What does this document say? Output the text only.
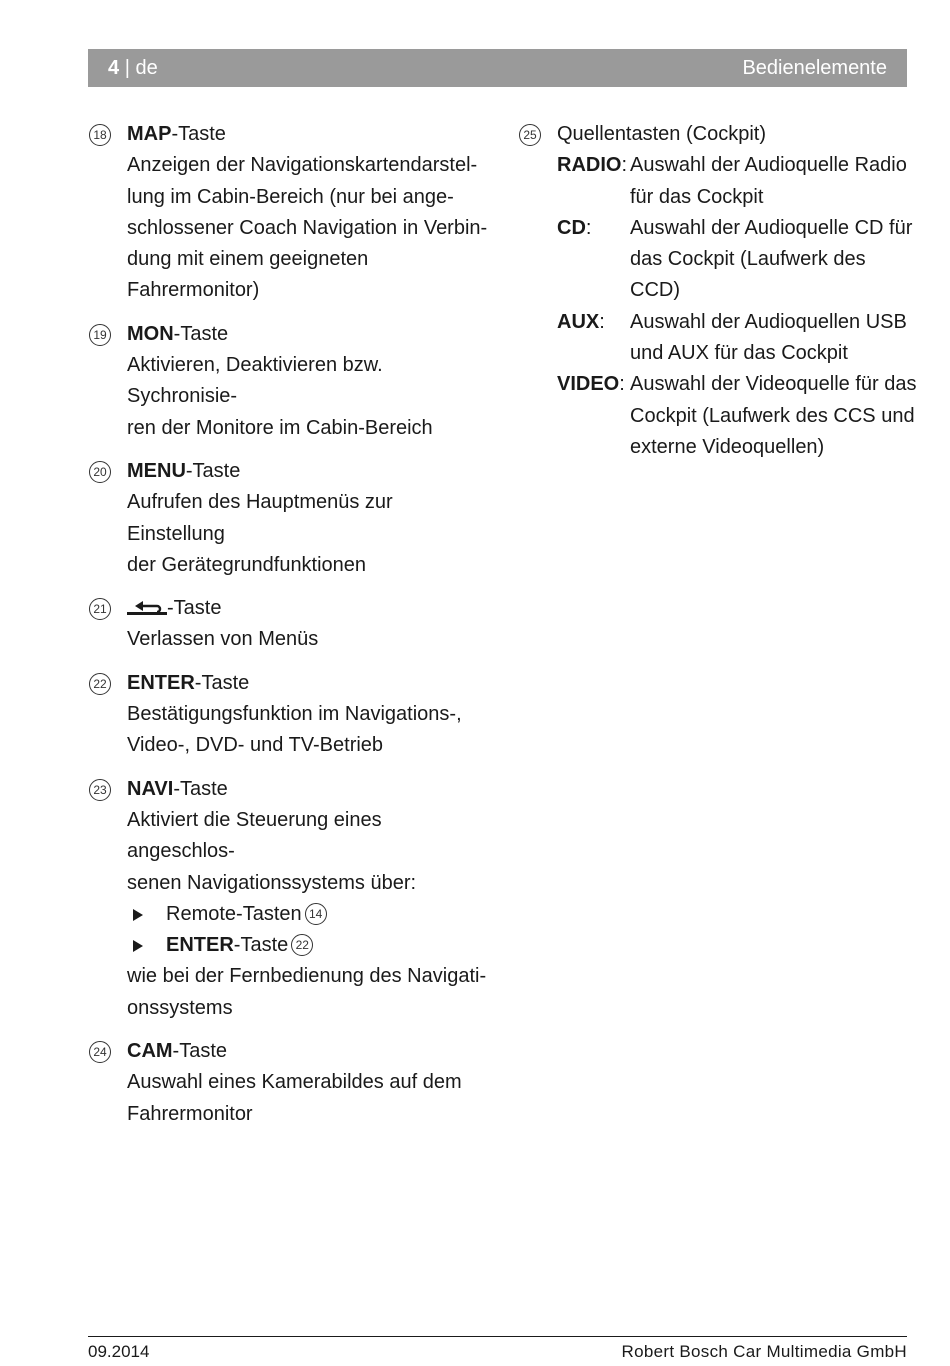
4 | de	Bedienelemente
18 MAP-Taste
Anzeigen der Navigationskartendarstel-
lung im Cabin-Bereich (nur bei ange-
schlossener Coach Navigation in Verbin-
dung mit einem geeigneten
Fahrermonitor)
19 MON-Taste
Aktivieren, Deaktivieren bzw. Sychronisie-
ren der Monitore im Cabin-Bereich
20 MENU-Taste
Aufrufen des Hauptmenüs zur Einstellung
der Gerätegrundfunktionen
21	-Taste
Verlassen von Menüs
22 ENTER-Taste
Bestätigungsfunktion im Navigations-,
Video-, DVD- und TV-Betrieb
23 NAVI-Taste
Aktiviert die Steuerung eines angeschlos-
senen Navigationssystems über:
Remote-Tasten 14
ENTER-Taste 22
wie bei der Fernbedienung des Navigati-
onssystems
24 CAM-Taste
Auswahl eines Kamerabildes auf dem
Fahrermonitor
25 Quellentasten (Cockpit)
RADIO: Auswahl der Audioquelle Radio
für das Cockpit
CD: Auswahl der Audioquelle CD für
das Cockpit (Laufwerk des CCD)
AUX: Auswahl der Audioquellen USB
und AUX für das Cockpit
VIDEO: Auswahl der Videoquelle für das
Cockpit (Laufwerk des CCS und
externe Videoquellen)
09.2014	Robert Bosch Car Multimedia GmbH
